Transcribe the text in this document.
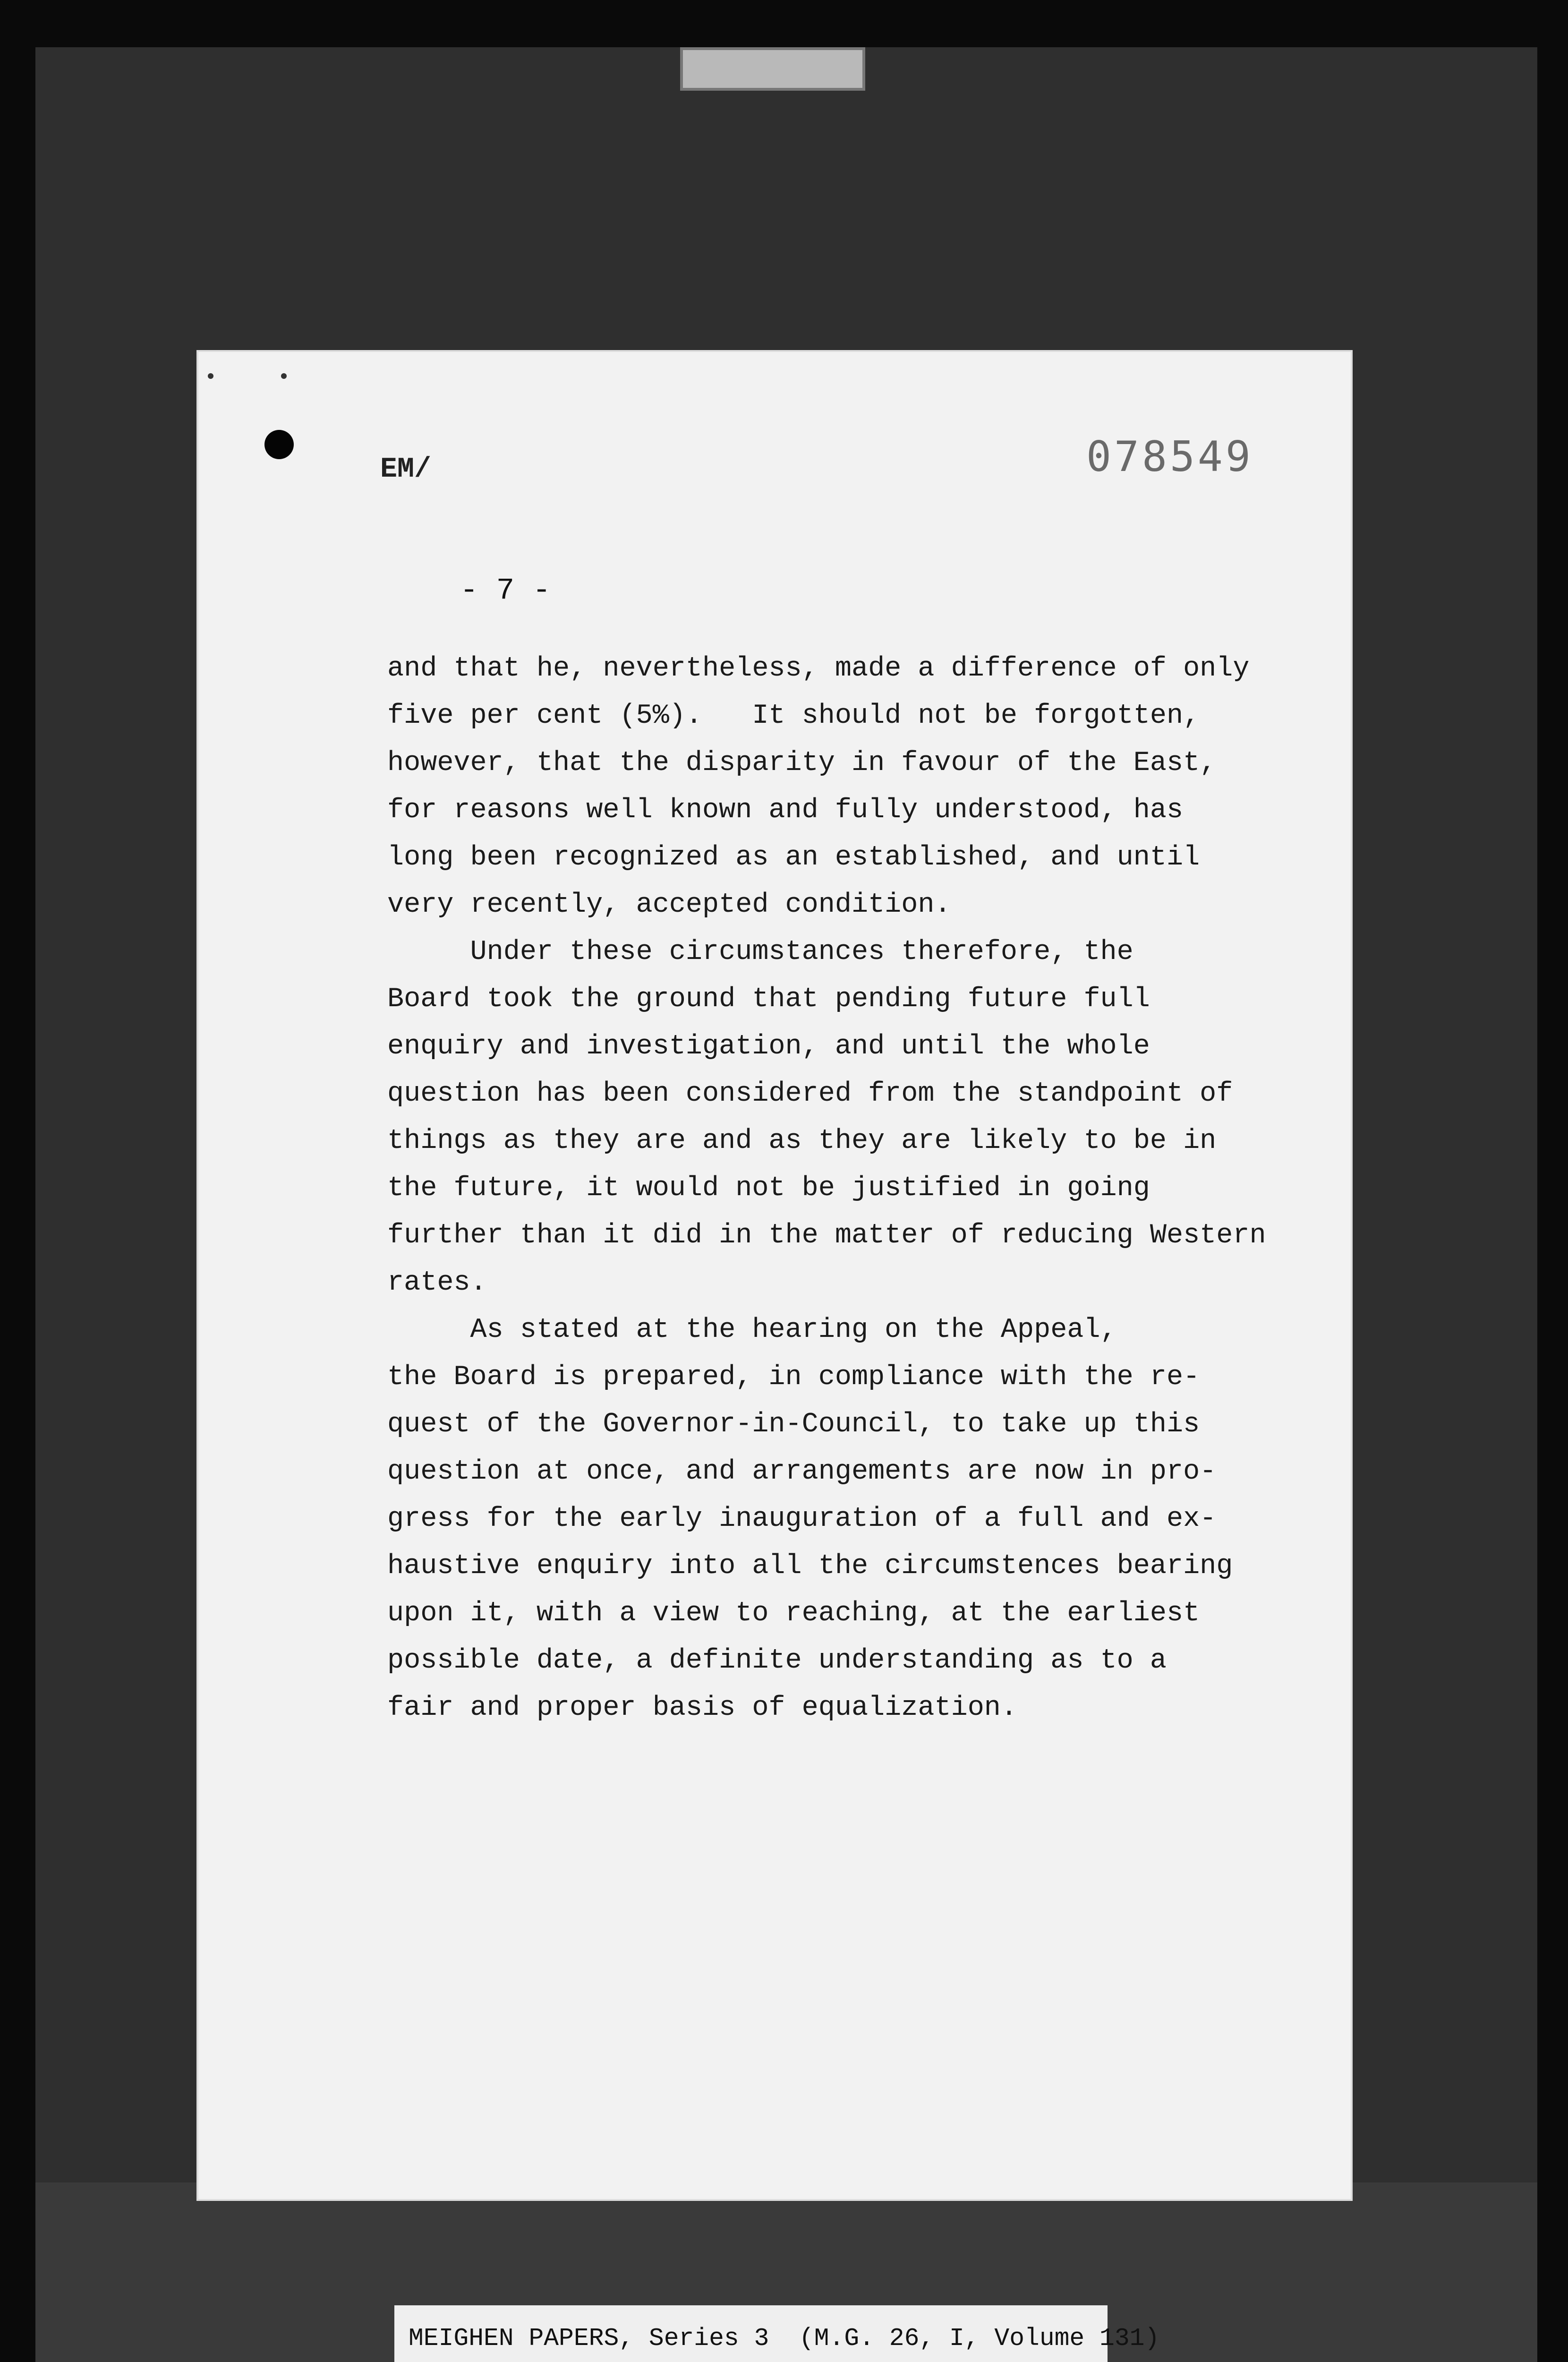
EM/	078549
- 7 -

and that he, nevertheless, made a difference of only
five per cent (5%).   It should not be forgotten,
however, that the disparity in favour of the East,
for reasons well known and fully understood, has
long been recognized as an established, and until
very recently, accepted condition.

Under these circumstances therefore, the
Board took the ground that pending future full
enquiry and investigation, and until the whole
question has been considered from the standpoint of
things as they are and as they are likely to be in
the future, it would not be justified in going
further than it did in the matter of reducing Western
rates.

As stated at the hearing on the Appeal,
the Board is prepared, in compliance with the re-
quest of the Governor-in-Council, to take up this
question at once, and arrangements are now in pro-
gress for the early inauguration of a full and ex-
haustive enquiry into all the circumstences bearing
upon it, with a view to reaching, at the earliest
possible date, a definite understanding as to a
fair and proper basis of equalization.

MEIGHEN PAPERS, Series 3  (M.G. 26, I, Volume 131)
